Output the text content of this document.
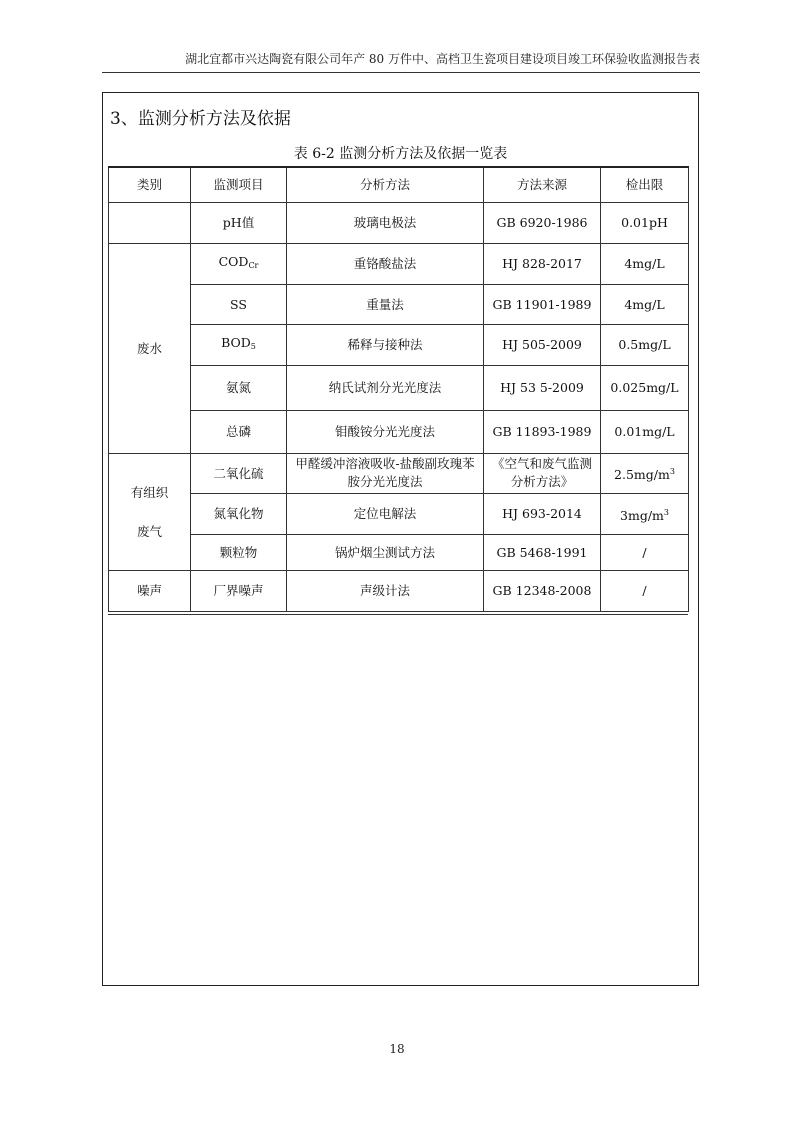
湖北宜都市兴达陶瓷有限公司年产 80 万件中、高档卫生瓷项目建设项目竣工环保验收监测报告表
3、监测分析方法及依据
表 6-2 监测分析方法及依据一览表
类别	监测项目	分析方法	方法来源	检出限
	pH值	玻璃电极法	GB 6920-1986	0.01pH
废水	$COD_{Cr}$	重铬酸盐法	HJ 828-2017	4mg/L
	SS	重量法	GB 11901-1989	4mg/L
	$BOD_5$	稀释与接种法	HJ 505-2009	0.5mg/L
	氨氮	纳氏试剂分光光度法	HJ 53 5-2009	0.025mg/L
	总磷	钼酸铵分光光度法	GB 11893-1989	0.01mg/L

有组织
废气	二氧化硫	甲醛缓冲溶液吸收-盐酸副玫瑰苯胺分光光度法	《空气和废气监测分析方法》	$2.5mg/m^3$
	氮氧化物	定位电解法	HJ 693-2014	$3mg/m^3$
	颗粒物	锅炉烟尘测试方法	GB 5468-1991	/
噪声	厂界噪声	声级计法	GB 12348-2008	/
18
